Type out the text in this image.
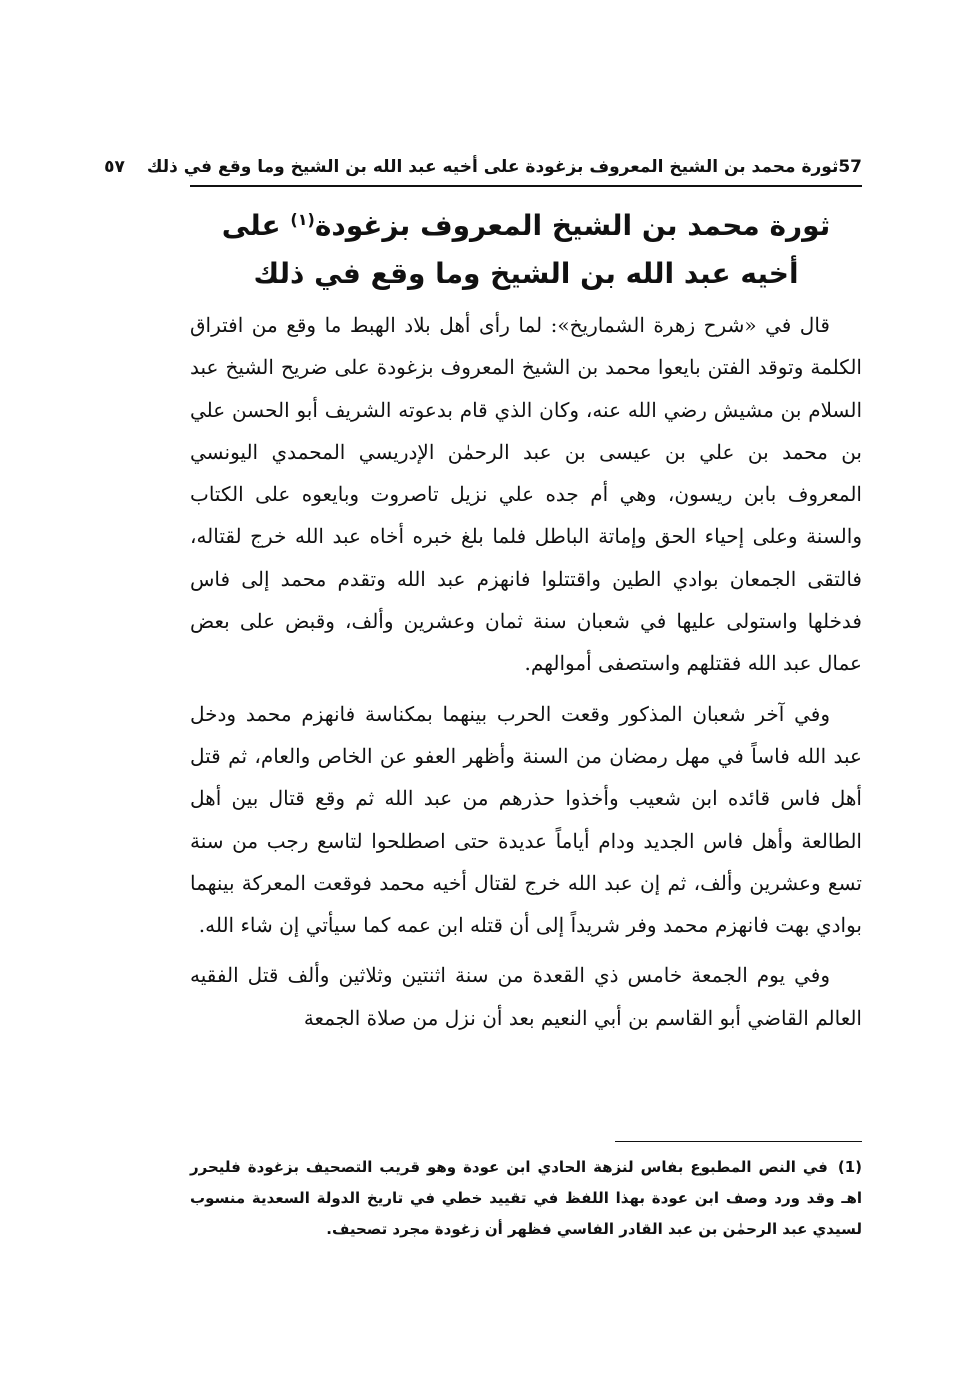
57
ثورة محمد بن الشيخ المعروف بزغودة على أخيه عبد الله بن الشيخ وما وقع في ذلك
٥٧
ثورة محمد بن الشيخ المعروف بزغودة$^{(١)}$ على
أخيه عبد الله بن الشيخ وما وقع في ذلك

قال في «شرح زهرة الشماريخ»: لما رأى أهل بلاد الهبط ما وقع من افتراق الكلمة وتوقد الفتن بايعوا محمد بن الشيخ المعروف بزغودة على ضريح الشيخ عبد السلام بن مشيش رضي الله عنه، وكان الذي قام بدعوته الشريف أبو الحسن علي بن محمد بن علي بن عيسى بن عبد الرحمٰن الإدريسي المحمدي اليونسي المعروف بابن ريسون، وهي أم جده علي نزيل تاصروت وبايعوه على الكتاب والسنة وعلى إحياء الحق وإماتة الباطل فلما بلغ خبره أخاه عبد الله خرج لقتاله، فالتقى الجمعان بوادي الطين واقتتلوا فانهزم عبد الله وتقدم محمد إلى فاس فدخلها واستولى عليها في شعبان سنة ثمان وعشرين وألف، وقبض على بعض عمال عبد الله فقتلهم واستصفى أموالهم.

وفي آخر شعبان المذكور وقعت الحرب بينهما بمكناسة فانهزم محمد ودخل عبد الله فاساً في مهل رمضان من السنة وأظهر العفو عن الخاص والعام، ثم قتل أهل فاس قائده ابن شعيب وأخذوا حذرهم من عبد الله ثم وقع قتال بين أهل الطالعة وأهل فاس الجديد ودام أياماً عديدة حتى اصطلحوا لتاسع رجب من سنة تسع وعشرين وألف، ثم إن عبد الله خرج لقتال أخيه محمد فوقعت المعركة بينهما بوادي بهت فانهزم محمد وفر شريداً إلى أن قتله ابن عمه كما سيأتي إن شاء الله.

وفي يوم الجمعة خامس ذي القعدة من سنة اثنتين وثلاثين وألف قتل الفقيه العالم القاضي أبو القاسم بن أبي النعيم بعد أن نزل من صلاة الجمعة

(1)في النص المطبوع بفاس لنزهة الحادي ابن عودة وهو قريب التصحيف بزغودة فليحرر اهـ وقد ورد وصف ابن عودة بهذا اللفظ في تقييد خطي في تاريخ الدولة السعدية منسوب لسيدي عبد الرحمٰن بن عبد القادر الفاسي فظهر أن زغودة مجرد تصحيف.
